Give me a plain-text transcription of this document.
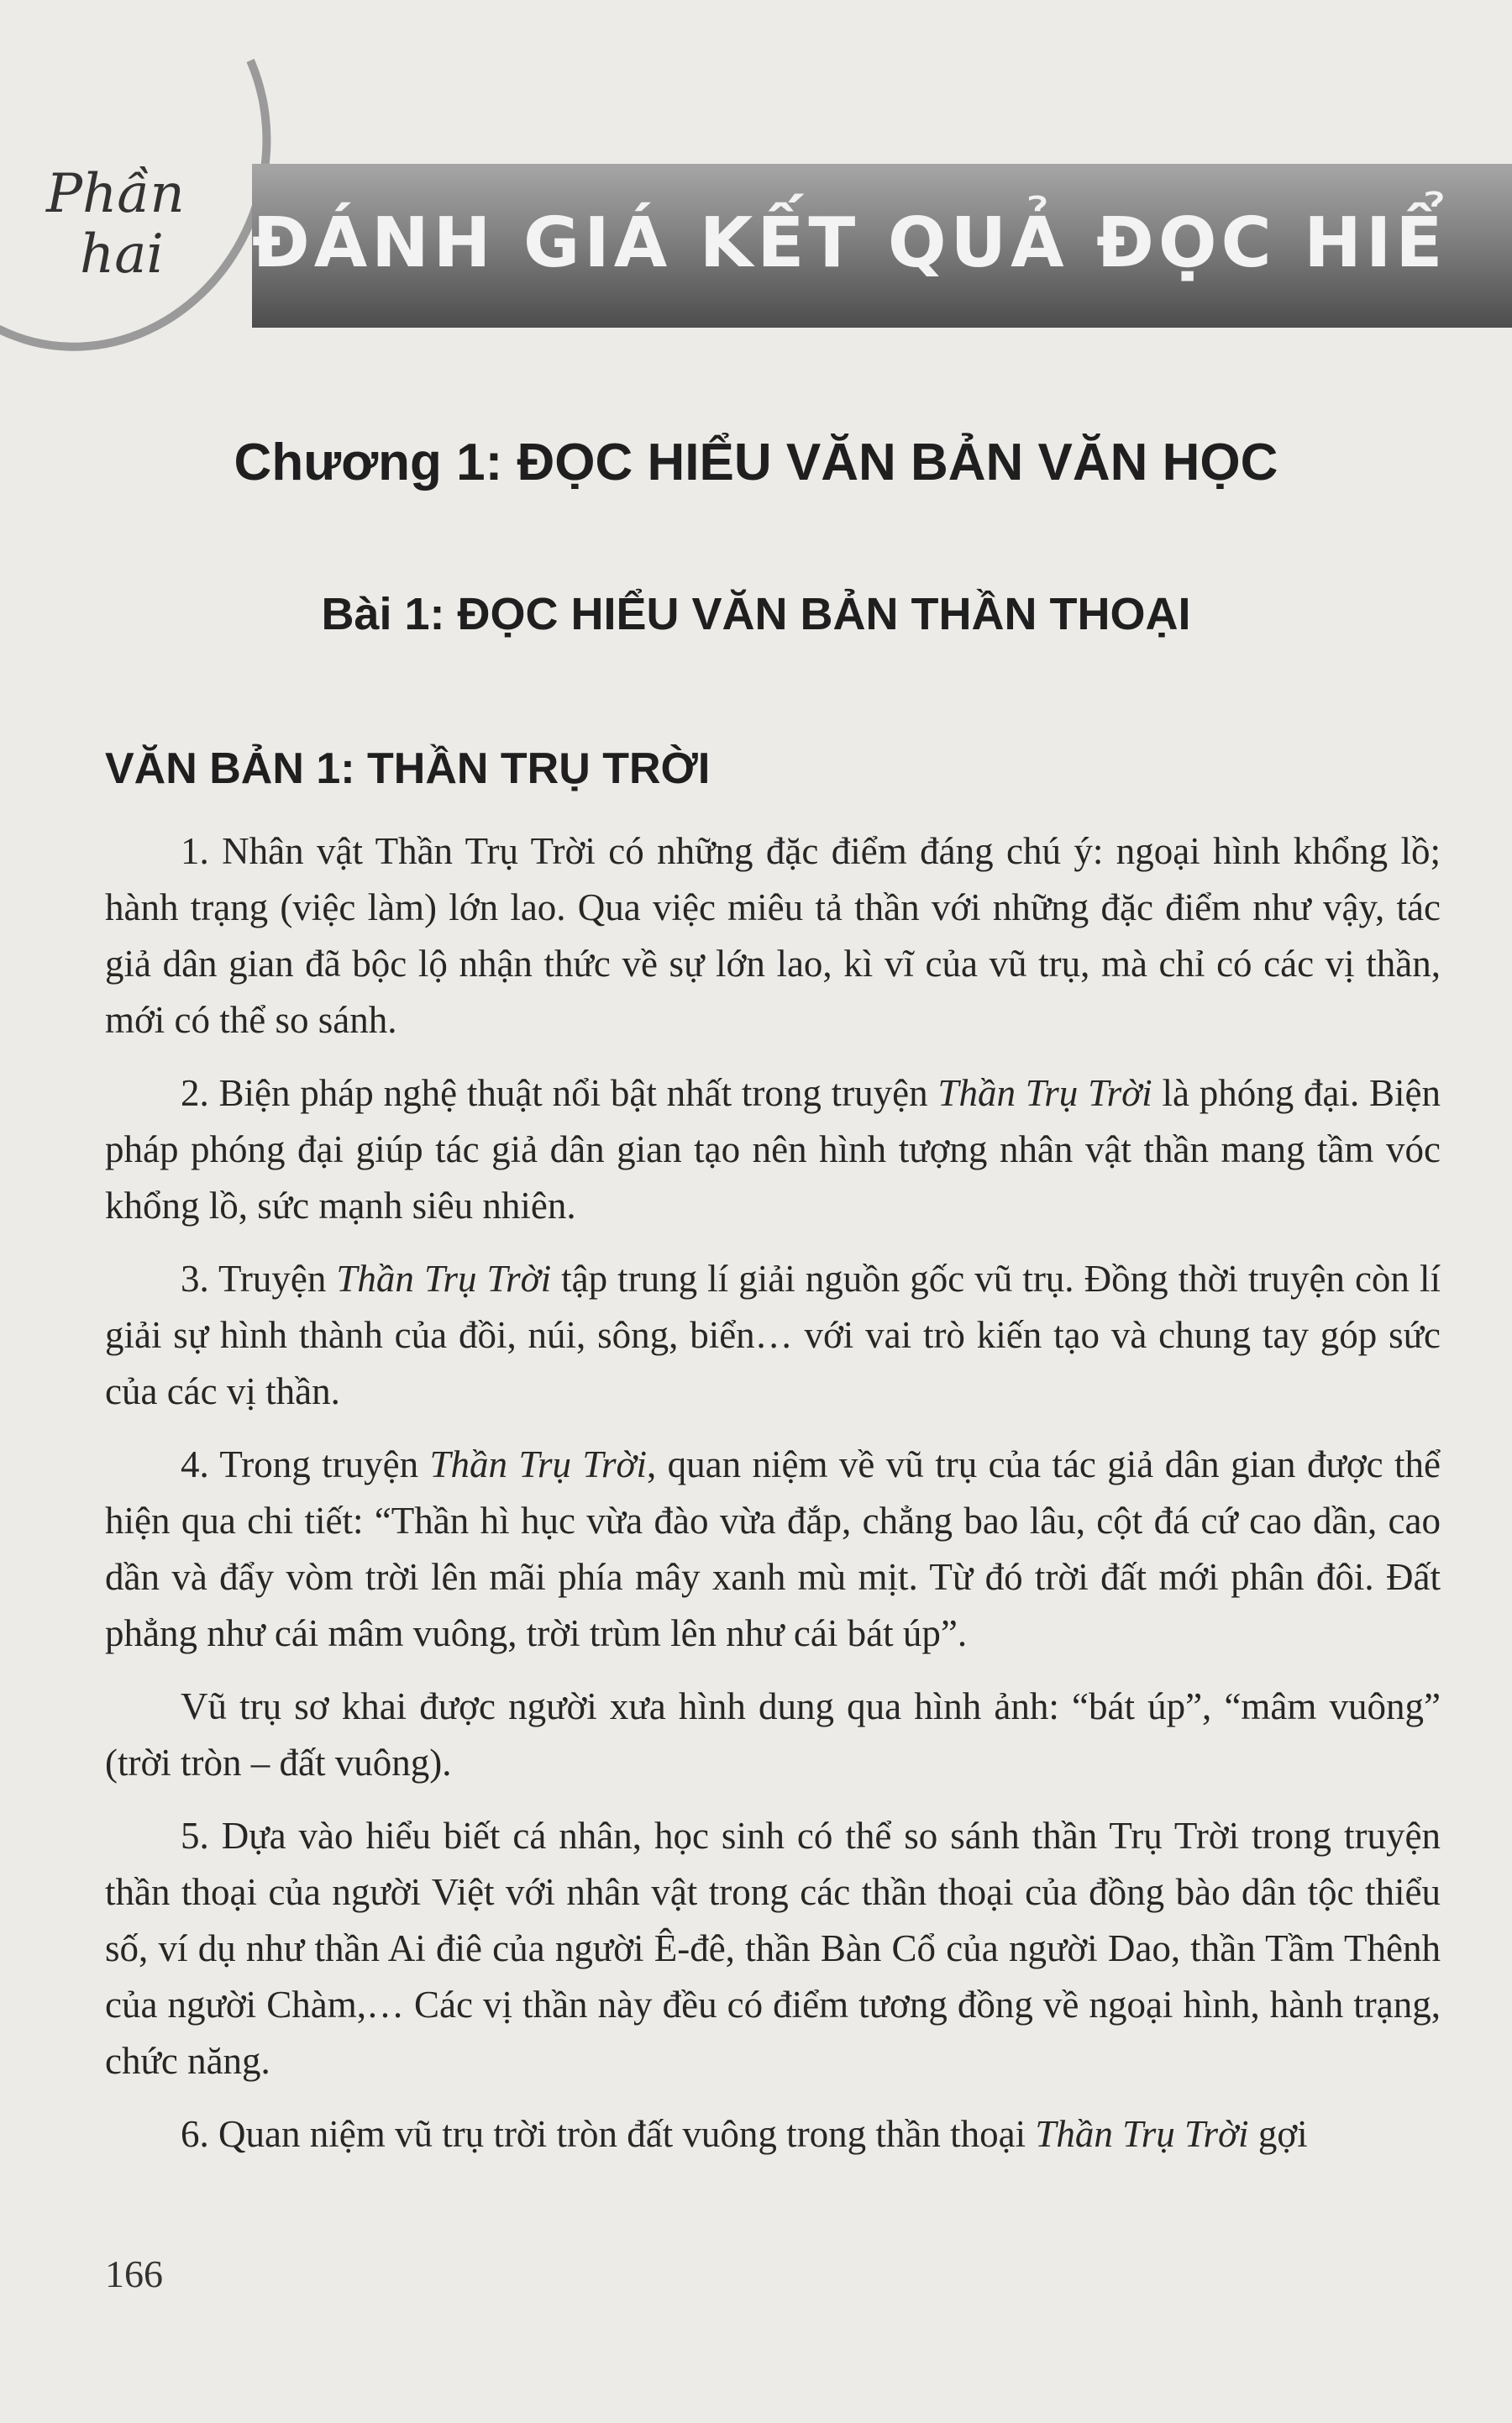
Phần
hai	ĐÁNH GIÁ KẾT QUẢ ĐỌC HIỂ
Chương 1: ĐỌC HIỂU VĂN BẢN VĂN HỌC
Bài 1: ĐỌC HIỂU VĂN BẢN THẦN THOẠI
VĂN BẢN 1: THẦN TRỤ TRỜI

1. Nhân vật Thần Trụ Trời có những đặc điểm đáng chú ý: ngoại hình khổng lồ; hành trạng (việc làm) lớn lao. Qua việc miêu tả thần với những đặc điểm như vậy, tác giả dân gian đã bộc lộ nhận thức về sự lớn lao, kì vĩ của vũ trụ, mà chỉ có các vị thần, mới có thể so sánh.

2. Biện pháp nghệ thuật nổi bật nhất trong truyện Thần Trụ Trời là phóng đại. Biện pháp phóng đại giúp tác giả dân gian tạo nên hình tượng nhân vật thần mang tầm vóc khổng lồ, sức mạnh siêu nhiên.

3. Truyện Thần Trụ Trời tập trung lí giải nguồn gốc vũ trụ. Đồng thời truyện còn lí giải sự hình thành của đồi, núi, sông, biển… với vai trò kiến tạo và chung tay góp sức của các vị thần.

4. Trong truyện Thần Trụ Trời, quan niệm về vũ trụ của tác giả dân gian được thể hiện qua chi tiết: “Thần hì hục vừa đào vừa đắp, chẳng bao lâu, cột đá cứ cao dần, cao dần và đẩy vòm trời lên mãi phía mây xanh mù mịt. Từ đó trời đất mới phân đôi. Đất phẳng như cái mâm vuông, trời trùm lên như cái bát úp”.

Vũ trụ sơ khai được người xưa hình dung qua hình ảnh: “bát úp”, “mâm vuông” (trời tròn – đất vuông).

5. Dựa vào hiểu biết cá nhân, học sinh có thể so sánh thần Trụ Trời trong truyện thần thoại của người Việt với nhân vật trong các thần thoại của đồng bào dân tộc thiểu số, ví dụ như thần Ai điê của người Ê-đê, thần Bàn Cổ của người Dao, thần Tầm Thênh của người Chàm,… Các vị thần này đều có điểm tương đồng về ngoại hình, hành trạng, chức năng.

6. Quan niệm vũ trụ trời tròn đất vuông trong thần thoại Thần Trụ Trời gợi

166
